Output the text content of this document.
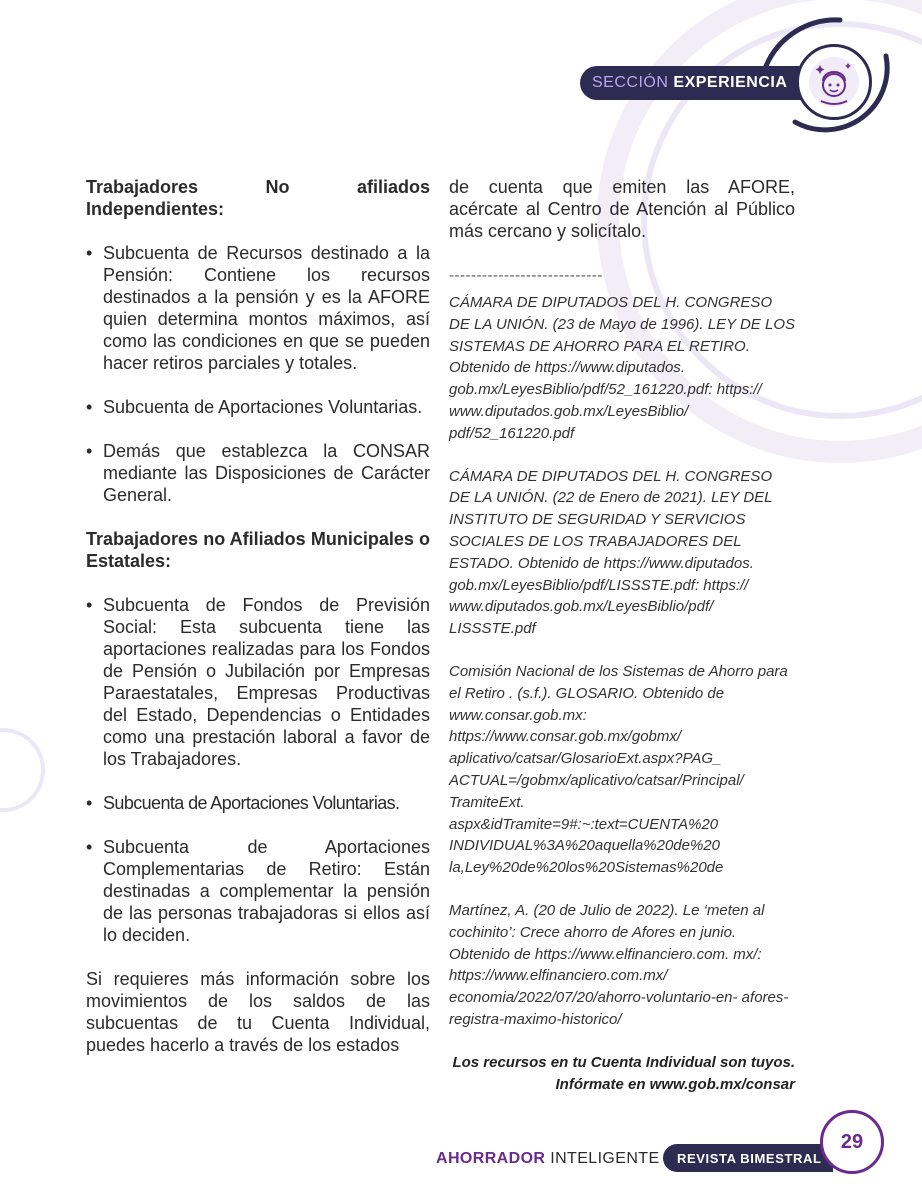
SECCIÓN EXPERIENCIA

Trabajadores No afiliados Independientes:

• Subcuenta de Recursos destinado a la Pensión: Contiene los recursos destinados a la pensión y es la AFORE quien determina montos máximos, así como las condiciones en que se pueden hacer retiros parciales y totales.
• Subcuenta de Aportaciones Voluntarias.
• Demás que establezca la CONSAR mediante las Disposiciones de Carácter General.

Trabajadores no Afiliados Municipales o Estatales:

• Subcuenta de Fondos de Previsión Social: Esta subcuenta tiene las aportaciones realizadas para los Fondos de Pensión o Jubilación por Empresas Paraestatales, Empresas Productivas del Estado, Dependencias o Entidades como una prestación laboral a favor de los Trabajadores.
• Subcuenta de Aportaciones Voluntarias.
• Subcuenta de Aportaciones Complementarias de Retiro: Están destinadas a complementar la pensión de las personas trabajadoras si ellos así lo deciden.

Si requieres más información sobre los movimientos de los saldos de las subcuentas de tu Cuenta Individual, puedes hacerlo a través de los estados

de cuenta que emiten las AFORE, acércate al Centro de Atención al Público más cercano y solicítalo.

----------------------------

CÁMARA DE DIPUTADOS DEL H. CONGRESO DE LA UNIÓN. (23 de Mayo de 1996). LEY DE LOS SISTEMAS DE AHORRO PARA EL RETIRO. Obtenido de https://www.diputados. gob.mx/LeyesBiblio/pdf/52_161220.pdf: https:// www.diputados.gob.mx/LeyesBiblio/ pdf/52_161220.pdf

CÁMARA DE DIPUTADOS DEL H. CONGRESO DE LA UNIÓN. (22 de Enero de 2021). LEY DEL INSTITUTO DE SEGURIDAD Y SERVICIOS SOCIALES DE LOS TRABAJADORES DEL ESTADO. Obtenido de https://www.diputados. gob.mx/LeyesBiblio/pdf/LISSSTE.pdf: https:// www.diputados.gob.mx/LeyesBiblio/pdf/ LISSSTE.pdf

Comisión Nacional de los Sistemas de Ahorro para el Retiro . (s.f.). GLOSARIO. Obtenido de www.consar.gob.mx: https://www.consar.gob.mx/gobmx/ aplicativo/catsar/GlosarioExt.aspx?PAG_ ACTUAL=/gobmx/aplicativo/catsar/Principal/ TramiteExt. aspx&idTramite=9#:~:text=CUENTA%20 INDIVIDUAL%3A%20aquella%20de%20 la,Ley%20de%20los%20Sistemas%20de

Martínez, A. (20 de Julio de 2022). Le ‘meten al cochinito’: Crece ahorro de Afores en junio. Obtenido de https://www.elfinanciero.com. mx/: https://www.elfinanciero.com.mx/ economia/2022/07/20/ahorro-voluntario-en- afores-registra-maximo-historico/

Los recursos en tu Cuenta Individual son tuyos.

Infórmate en www.gob.mx/consar

AHORRADOR INTELIGENTE REVISTA BIMESTRAL
29
